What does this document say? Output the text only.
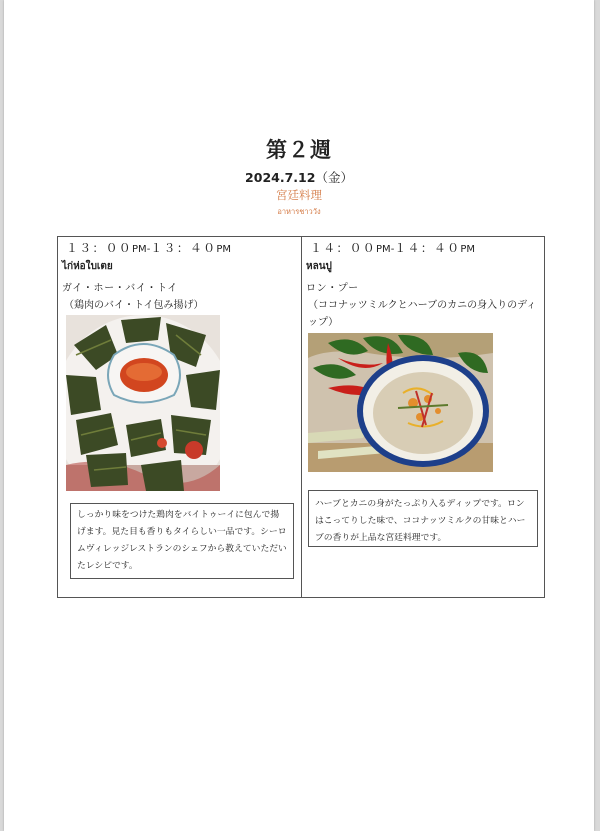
第２週
2024.7.12（金）
宮廷料理
อาหารชาววัง
１３：００PM-１３：４０PM
ไก่ห่อใบเตย
ガイ・ホー・バイ・トイ
（鶏肉のバイ・トイ包み揚げ）
しっかり味をつけた鶏肉をバイトゥーイに包んで揚げます。見た目も香りもタイらしい一品です。シーロムヴィレッジレストランのシェフから教えていただいたレシピです。
１４：００PM-１４：４０PM
หลนปู
ロン・プー
（ココナッツミルクとハーブのカニの身入りのディップ）
ハーブとカニの身がたっぷり入るディップです。ロンはこってりした味で、ココナッツミルクの甘味とハーブの香りが上品な宮廷料理です。
